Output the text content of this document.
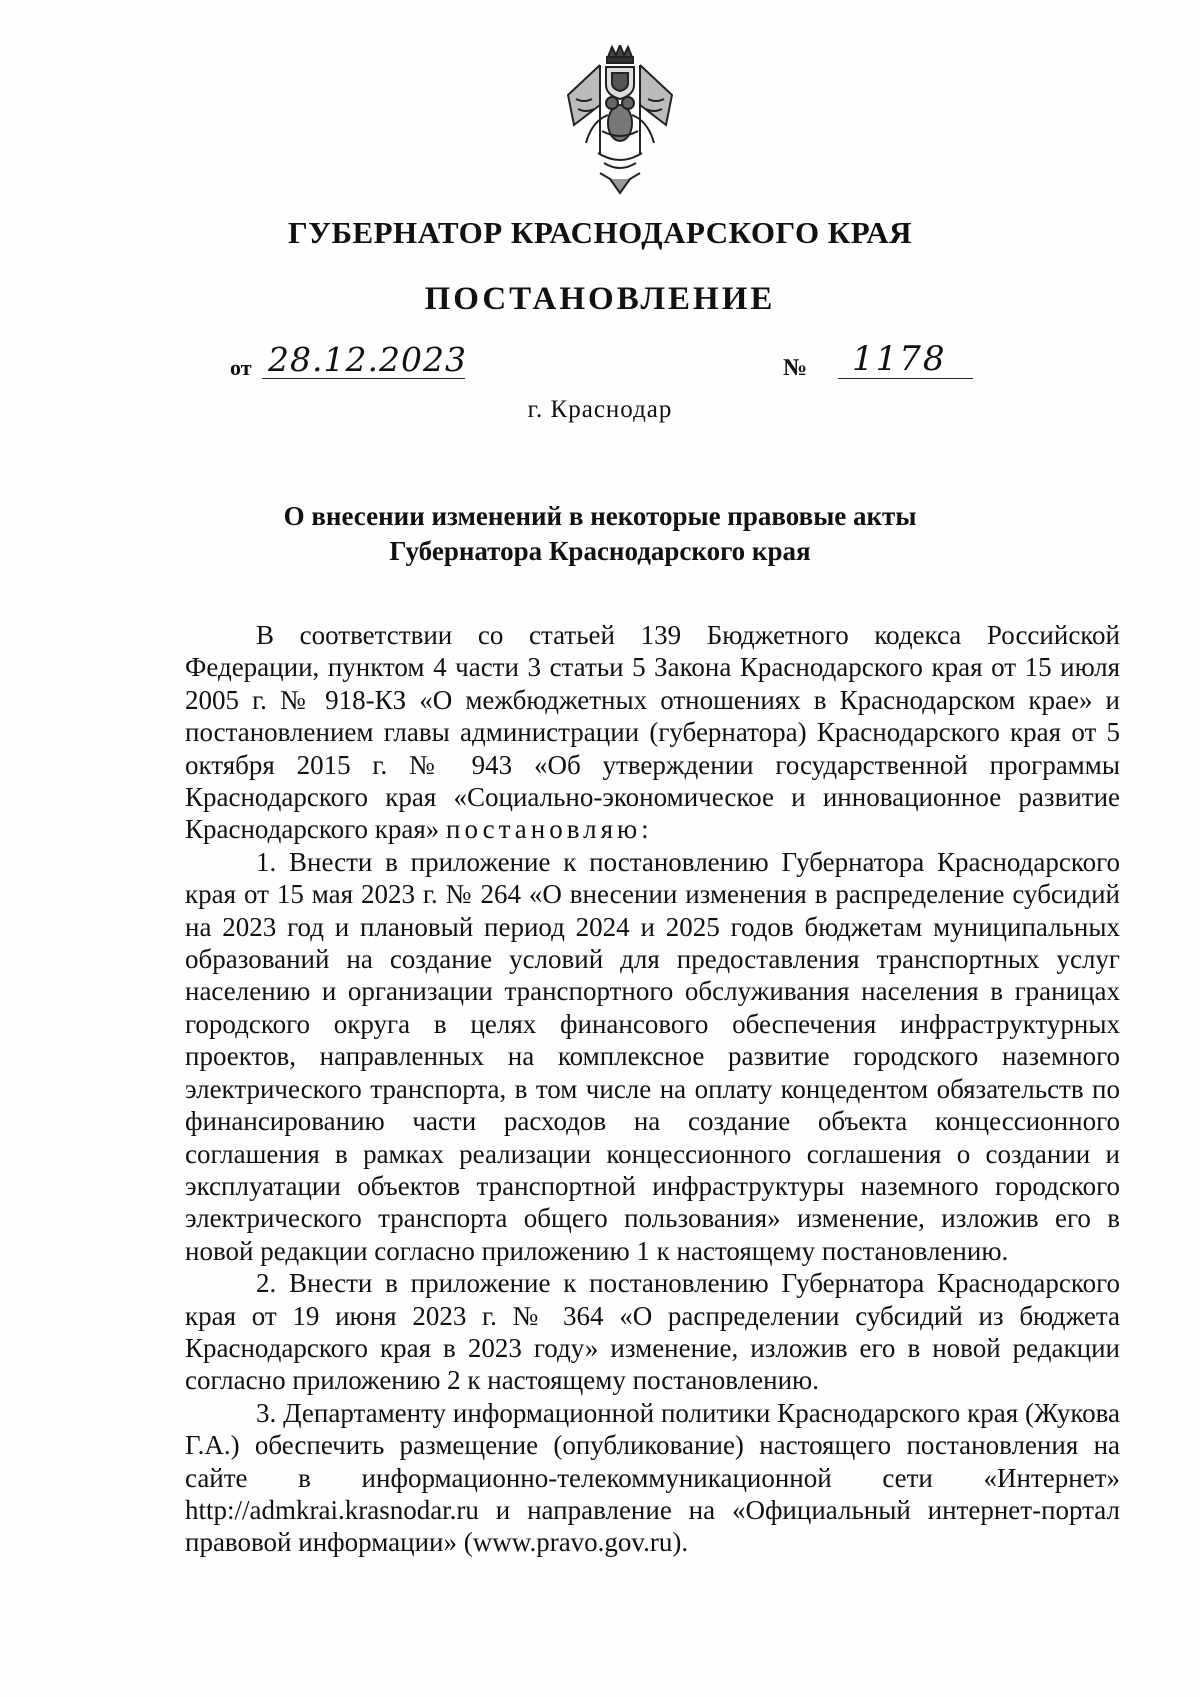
ГУБЕРНАТОР КРАСНОДАРСКОГО КРАЯ
ПОСТАНОВЛЕНИЕ
от 28.12.2023	№ 1178
г. Краснодар
О внесении изменений в некоторые правовые акты
Губернатора Краснодарского края

В соответствии со статьей 139 Бюджетного кодекса Российской Федерации, пунктом 4 части 3 статьи 5 Закона Краснодарского края от 15 июля 2005 г. № 918-КЗ «О межбюджетных отношениях в Краснодарском крае» и постановлением главы администрации (губернатора) Краснодарского края от 5 октября 2015 г. № 943 «Об утверждении государственной программы Краснодарского края «Социально-экономическое и инновационное развитие Краснодарского края» постановляю:

1. Внести в приложение к постановлению Губернатора Краснодарского края от 15 мая 2023 г. № 264 «О внесении изменения в распределение субсидий на 2023 год и плановый период 2024 и 2025 годов бюджетам муниципальных образований на создание условий для предоставления транспортных услуг населению и организации транспортного обслуживания населения в границах городского округа в целях финансового обеспечения инфраструктурных проектов, направленных на комплексное развитие городского наземного электрического транспорта, в том числе на оплату концедентом обязательств по финансированию части расходов на создание объекта концессионного соглашения в рамках реализации концессионного соглашения о создании и эксплуатации объектов транспортной инфраструктуры наземного городского электрического транспорта общего пользования» изменение, изложив его в новой редакции согласно приложению 1 к настоящему постановлению.

2. Внести в приложение к постановлению Губернатора Краснодарского края от 19 июня 2023 г. № 364 «О распределении субсидий из бюджета Краснодарского края в 2023 году» изменение, изложив его в новой редакции согласно приложению 2 к настоящему постановлению.

3. Департаменту информационной политики Краснодарского края (Жукова Г.А.) обеспечить размещение (опубликование) настоящего постановления на сайте в информационно-телекоммуникационной сети «Интернет» http://admkrai.krasnodar.ru и направление на «Официальный интернет-портал правовой информации» (www.pravo.gov.ru).
